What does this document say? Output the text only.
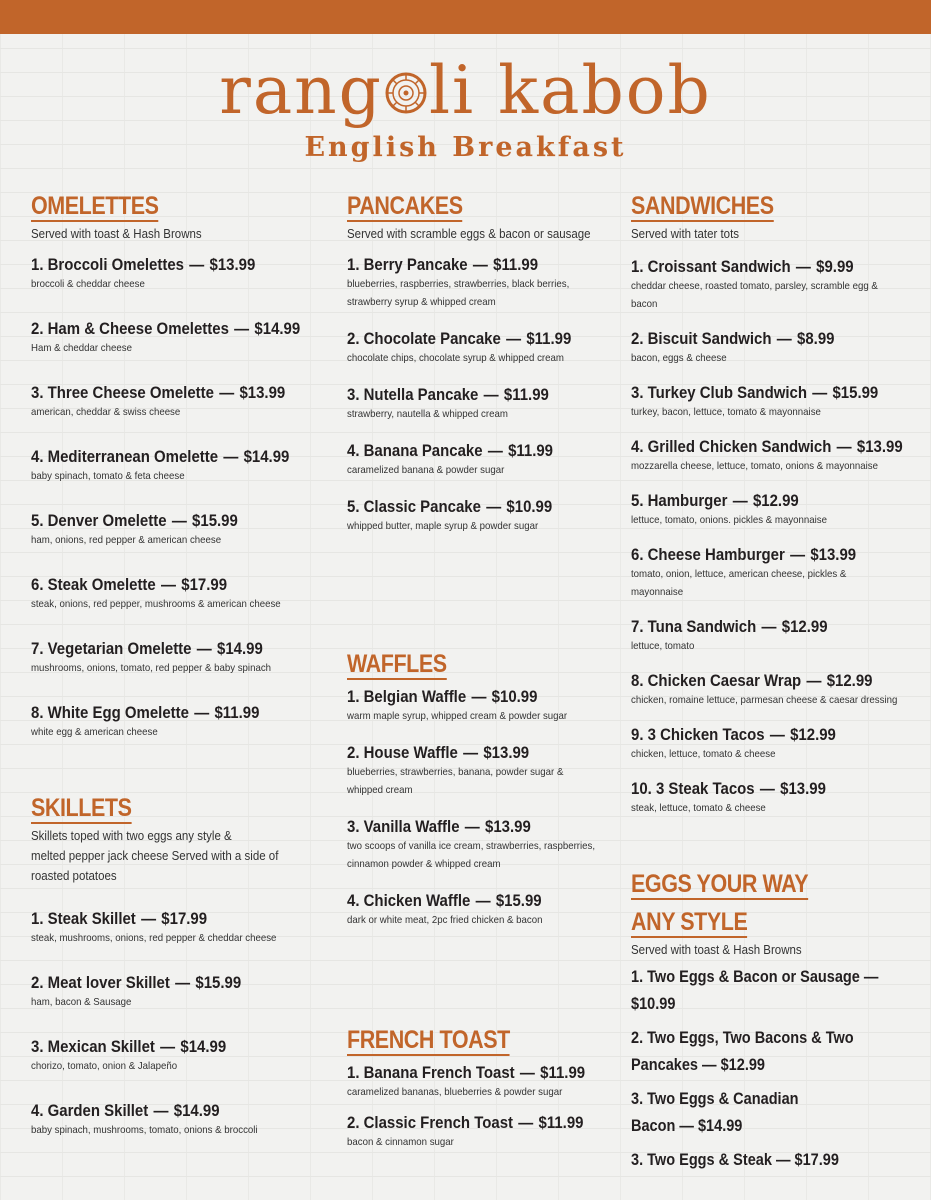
rang li kabob
English Breakfast
OMELETTES
Served with toast & Hash Browns
1. Broccoli Omelettes — $13.99
broccoli & cheddar cheese
2. Ham & Cheese Omelettes — $14.99
Ham & cheddar cheese
3. Three Cheese Omelette — $13.99
american, cheddar & swiss cheese
4. Mediterranean Omelette — $14.99
baby spinach, tomato & feta cheese
5. Denver Omelette — $15.99
ham, onions, red pepper & american cheese
6. Steak Omelette — $17.99
steak, onions, red pepper, mushrooms & american cheese
7. Vegetarian Omelette — $14.99
mushrooms, onions, tomato, red pepper & baby spinach
8. White Egg Omelette — $11.99
white egg & american cheese
SKILLETS
Skillets toped with two eggs any style &
melted pepper jack cheese Served with a side of
roasted potatoes
1. Steak Skillet — $17.99
steak, mushrooms, onions, red pepper & cheddar cheese
2. Meat lover Skillet — $15.99
ham, bacon & Sausage
3. Mexican Skillet — $14.99
chorizo, tomato, onion & Jalapeño
4. Garden Skillet — $14.99
baby spinach, mushrooms, tomato, onions & broccoli
PANCAKES
Served with scramble eggs & bacon or sausage
1. Berry Pancake — $11.99
blueberries, raspberries, strawberries, black berries,
strawberry syrup & whipped cream
2. Chocolate Pancake — $11.99
chocolate chips, chocolate syrup & whipped cream
3. Nutella Pancake — $11.99
strawberry, nautella & whipped cream
4. Banana Pancake — $11.99
caramelized banana & powder sugar
5. Classic Pancake — $10.99
whipped butter, maple syrup & powder sugar
WAFFLES
1. Belgian Waffle — $10.99
warm maple syrup, whipped cream & powder sugar
2. House Waffle — $13.99
blueberries, strawberries, banana, powder sugar &
whipped cream
3. Vanilla Waffle — $13.99
two scoops of vanilla ice cream, strawberries, raspberries,
cinnamon powder & whipped cream
4. Chicken Waffle — $15.99
dark or white meat, 2pc fried chicken & bacon
FRENCH TOAST
1. Banana French Toast — $11.99
caramelized bananas, blueberries & powder sugar
2. Classic French Toast — $11.99
bacon & cinnamon sugar
SANDWICHES
Served with tater tots
1. Croissant Sandwich — $9.99
cheddar cheese, roasted tomato, parsley, scramble egg & bacon
2. Biscuit Sandwich — $8.99
bacon, eggs & cheese
3. Turkey Club Sandwich — $15.99
turkey, bacon, lettuce, tomato & mayonnaise
4. Grilled Chicken Sandwich — $13.99
mozzarella cheese, lettuce, tomato, onions & mayonnaise
5. Hamburger — $12.99
lettuce, tomato, onions. pickles & mayonnaise
6. Cheese Hamburger — $13.99
tomato, onion, lettuce, american cheese, pickles & mayonnaise
7. Tuna Sandwich — $12.99
lettuce, tomato
8. Chicken Caesar Wrap — $12.99
chicken, romaine lettuce, parmesan cheese & caesar dressing
9. 3 Chicken Tacos — $12.99
chicken, lettuce, tomato & cheese
10. 3 Steak Tacos — $13.99
steak, lettuce, tomato & cheese
EGGS YOUR WAY
ANY STYLE
Served with toast & Hash Browns
1. Two Eggs & Bacon or Sausage — $10.99
2. Two Eggs, Two Bacons & Two
Pancakes — $12.99
3. Two Eggs & Canadian
Bacon — $14.99
3. Two Eggs & Steak — $17.99
